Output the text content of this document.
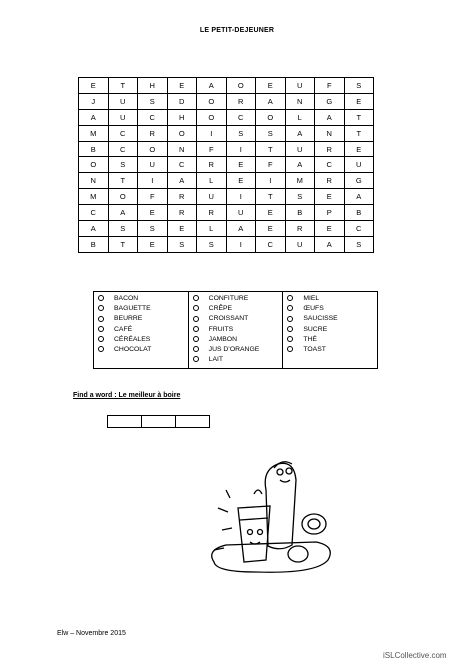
LE PETIT-DEJEUNER
E	T	H	E	A	O	E	U	F	S
J	U	S	D	O	R	A	N	G	E
A	U	C	H	O	C	O	L	A	T
M	C	R	O	I	S	S	A	N	T
B	C	O	N	F	I	T	U	R	E
O	S	U	C	R	E	F	A	C	U
N	T	I	A	L	E	I	M	R	G
M	O	F	R	U	I	T	S	E	A
C	A	E	R	R	U	E	B	P	B
A	S	S	E	L	A	E	R	E	C
B	T	E	S	S	I	C	U	A	S
BACON
BAGUETTE
BEURRE
CAFÉ
CÉRÉALES
CHOCOLAT
CONFITURE
CRÊPE
CROISSANT
FRUITS
JAMBON
JUS D’ORANGE
LAIT
MIEL
ŒUFS
SAUCISSE
SUCRE
THÉ
TOAST
Find a word : Le meilleur à boire

Elw – Novembre 2015
iSLCollective.com
